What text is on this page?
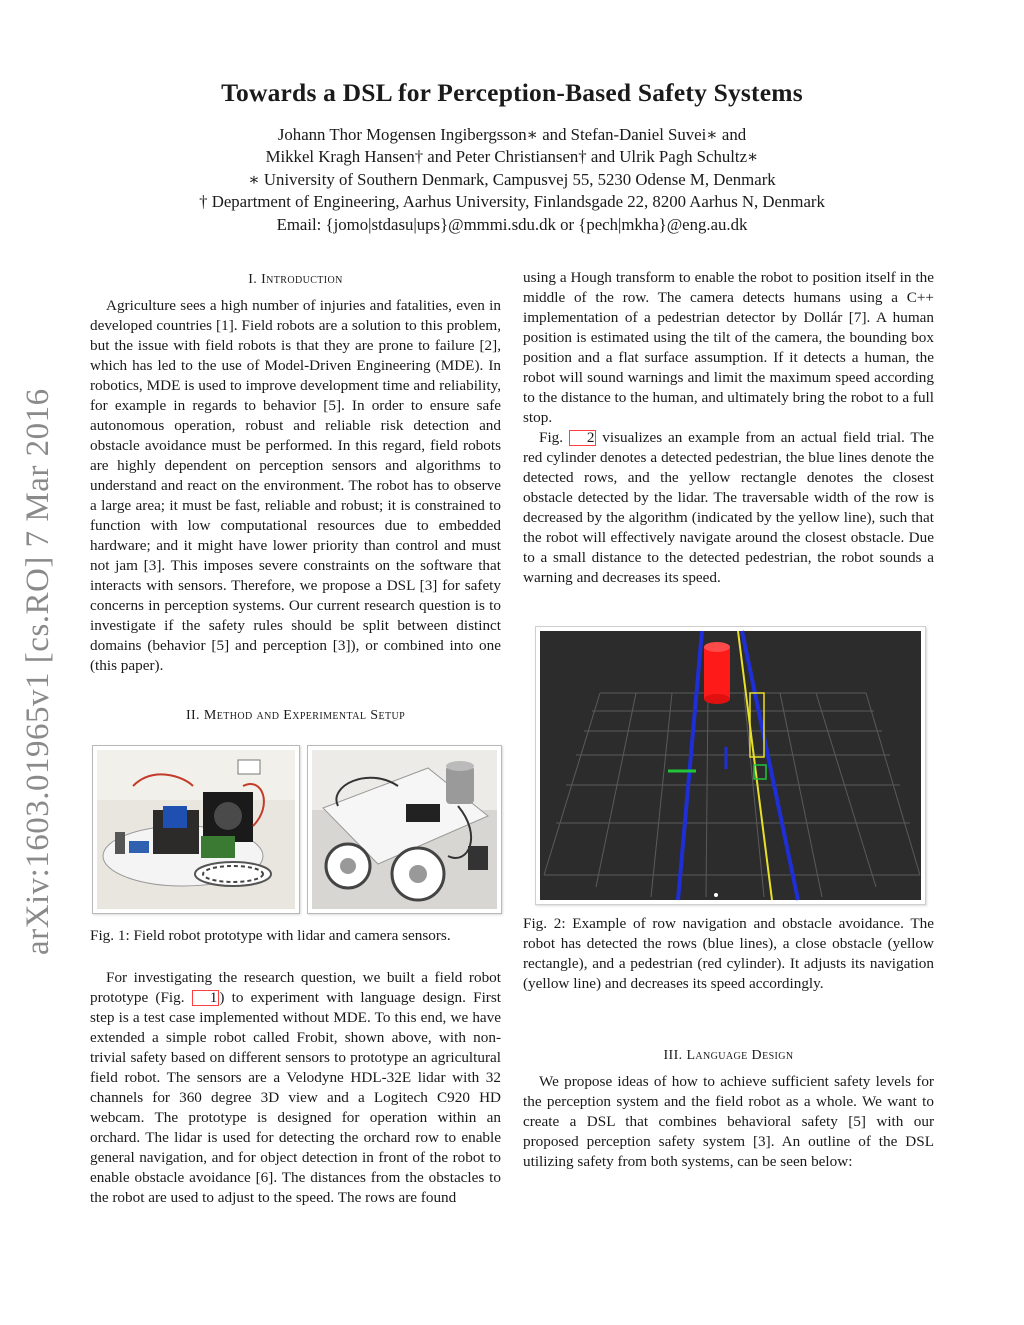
arXiv:1603.01965v1 [cs.RO] 7 Mar 2016
Towards a DSL for Perception-Based Safety Systems
Johann Thor Mogensen Ingibergsson∗ and Stefan-Daniel Suvei∗ and
Mikkel Kragh Hansen† and Peter Christiansen† and Ulrik Pagh Schultz∗
∗ University of Southern Denmark, Campusvej 55, 5230 Odense M, Denmark
† Department of Engineering, Aarhus University, Finlandsgade 22, 8200 Aarhus N, Denmark
Email: {jomo|stdasu|ups}@mmmi.sdu.dk or {pech|mkha}@eng.au.dk

I. Introduction

Agriculture sees a high number of injuries and fatalities, even in developed countries [1]. Field robots are a solution to this problem, but the issue with field robots is that they are prone to failure [2], which has led to the use of Model-Driven Engineering (MDE). In robotics, MDE is used to improve development time and reliability, for example in regards to behavior [5]. In order to ensure safe autonomous operation, robust and reliable risk detection and obstacle avoidance must be performed. In this regard, field robots are highly dependent on perception sensors and algorithms to understand and react on the environment. The robot has to observe a large area; it must be fast, reliable and robust; it is constrained to function with low computational resources due to embedded hardware; and it might have lower priority than control and must not jam [3]. This imposes severe constraints on the software that interacts with sensors. Therefore, we propose a DSL [3] for safety concerns in perception systems. Our current research question is to investigate if the safety rules should be split between distinct domains (behavior [5] and perception [3]), or combined into one (this paper).

II. Method and Experimental Setup

Fig. 1: Field robot prototype with lidar and camera sensors.

For investigating the research question, we built a field robot prototype (Fig. 1 ) to experiment with language design. First step is a test case implemented without MDE. To this end, we have extended a simple robot called Frobit, shown above, with non-trivial safety based on different sensors to prototype an agricultural field robot. The sensors are a Velodyne HDL-32E lidar with 32 channels for 360 degree 3D view and a Logitech C920 HD webcam. The prototype is designed for operation within an orchard. The lidar is used for detecting the orchard row to enable general navigation, and for object detection in front of the robot to enable obstacle avoidance [6]. The distances from the obstacles to the robot are used to adjust to the speed. The rows are found

using a Hough transform to enable the robot to position itself in the middle of the row. The camera detects humans using a C++ implementation of a pedestrian detector by Dollár [7]. A human position is estimated using the tilt of the camera, the bounding box position and a flat surface assumption. If it detects a human, the robot will sound warnings and limit the maximum speed according to the distance to the human, and ultimately bring the robot to a full stop.

Fig. 2 visualizes an example from an actual field trial. The red cylinder denotes a detected pedestrian, the blue lines denote the detected rows, and the yellow rectangle denotes the closest obstacle detected by the lidar. The traversable width of the row is decreased by the algorithm (indicated by the yellow line), such that the robot will effectively navigate around the closest obstacle. Due to a small distance to the detected pedestrian, the robot sounds a warning and decreases its speed.

Fig. 2: Example of row navigation and obstacle avoidance. The robot has detected the rows (blue lines), a close obstacle (yellow rectangle), and a pedestrian (red cylinder). It adjusts its navigation (yellow line) and decreases its speed accordingly.

III. Language Design

We propose ideas of how to achieve sufficient safety levels for the perception system and the field robot as a whole. We want to create a DSL that combines behavioral safety [5] with our proposed perception safety system [3]. An outline of the DSL utilizing safety from both systems, can be seen below:
